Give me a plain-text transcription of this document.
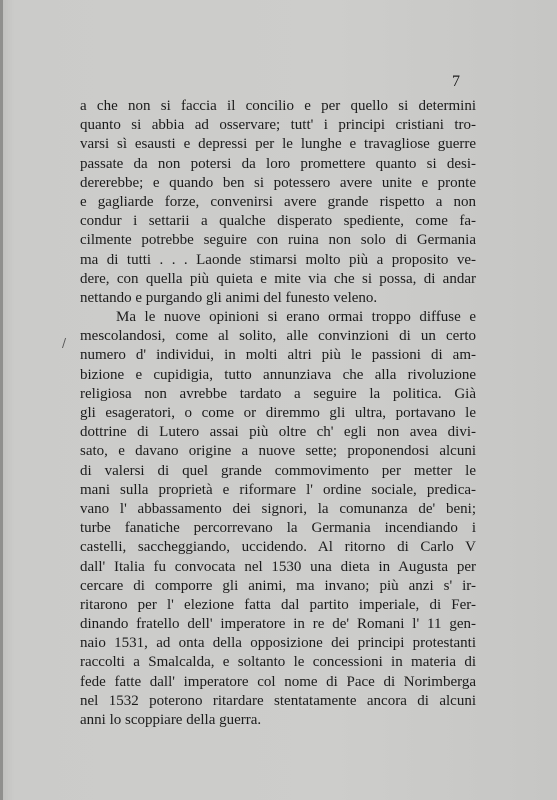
7
/
a che non si faccia il concilio e per quello si determini
quanto si abbia ad osservare; tutt' i principi cristiani tro-
varsi sì esausti e depressi per le lunghe e travagliose guerre
passate da non potersi da loro promettere quanto si desi-
dererebbe; e quando ben si potessero avere unite e pronte
e gagliarde forze, convenirsi avere grande rispetto a non
condur i settarii a qualche disperato spediente, come fa-
cilmente potrebbe seguire con ruina non solo di Germania
ma di tutti . . . Laonde stimarsi molto più a proposito ve-
dere, con quella più quieta e mite via che si possa, di andar
nettando e purgando gli animi del funesto veleno.
Ma le nuove opinioni si erano ormai troppo diffuse e
mescolandosi, come al solito, alle convinzioni di un certo
numero d' individui, in molti altri più le passioni di am-
bizione e cupidigia, tutto annunziava che alla rivoluzione
religiosa non avrebbe tardato a seguire la politica. Già
gli esageratori, o come or diremmo gli ultra, portavano le
dottrine di Lutero assai più oltre ch' egli non avea divi-
sato, e davano origine a nuove sette; proponendosi alcuni
di valersi di quel grande commovimento per metter le
mani sulla proprietà e riformare l' ordine sociale, predica-
vano l' abbassamento dei signori, la comunanza de' beni;
turbe fanatiche percorrevano la Germania incendiando i
castelli, saccheggiando, uccidendo. Al ritorno di Carlo V
dall' Italia fu convocata nel 1530 una dieta in Augusta per
cercare di comporre gli animi, ma invano; più anzi s' ir-
ritarono per l' elezione fatta dal partito imperiale, di Fer-
dinando fratello dell' imperatore in re de' Romani l' 11 gen-
naio 1531, ad onta della opposizione dei principi protestanti
raccolti a Smalcalda, e soltanto le concessioni in materia di
fede fatte dall' imperatore col nome di Pace di Norimberga
nel 1532 poterono ritardare stentatamente ancora di alcuni
anni lo scoppiare della guerra.
